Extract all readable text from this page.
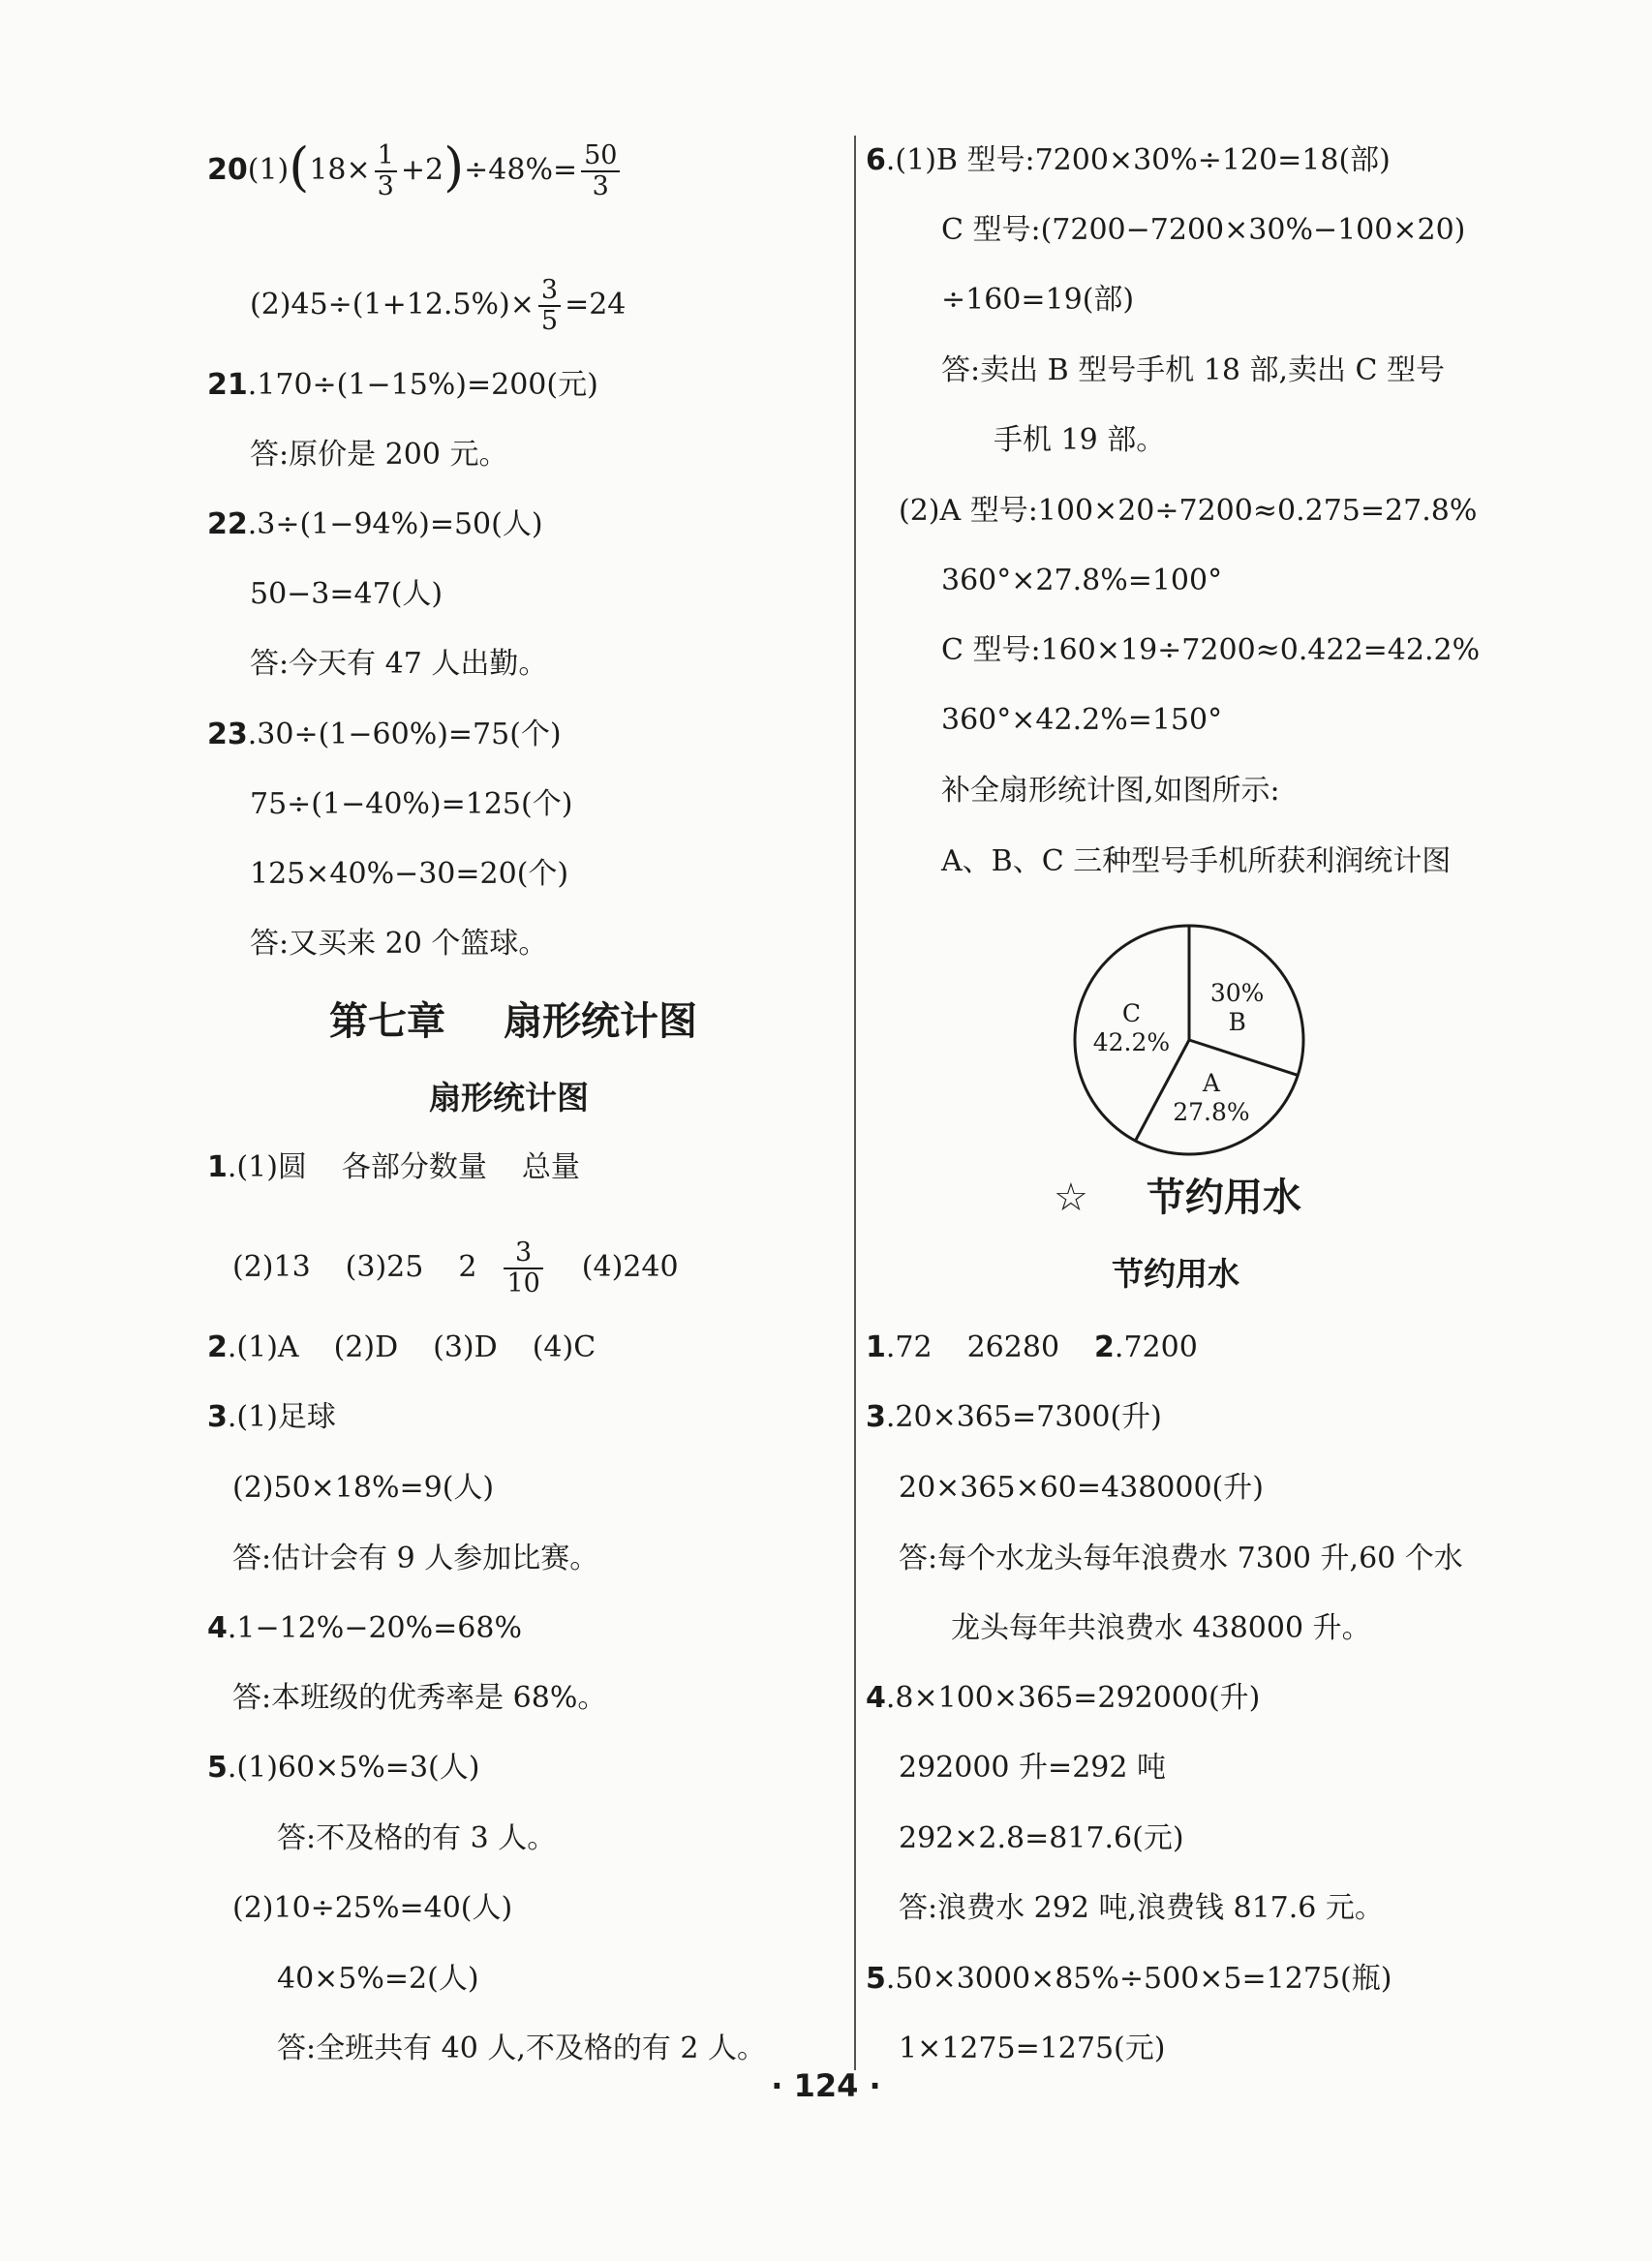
$20(1)(18\times \frac{1}{3} +2)\div 48\%= \frac{50}{3}$
$(2)45\div(1+12.5\%)\times \frac{3}{5} =24$
21.170÷(1−15%)=200(元)
答:原价是 200 元。
22.3÷(1−94%)=50(人)
50−3=47(人)
答:今天有 47 人出勤。
23.30÷(1−60%)=75(个)
75÷(1−40%)=125(个)
125×40%−30=20(个)
答:又买来 20 个篮球。
第七章 扇形统计图
扇形统计图
1.(1)圆 各部分数量 总量
(2)13 (3)25 $2 \frac{3}{10} (4)240$
2.(1)A (2)D (3)D (4)C
3.(1)足球
(2)50×18%=9(人)
答:估计会有 9 人参加比赛。
4.1−12%−20%=68%
答:本班级的优秀率是 68%。
5.(1)60×5%=3(人)
答:不及格的有 3 人。
(2)10÷25%=40(人)
40×5%=2(人)
答:全班共有 40 人,不及格的有 2 人。
6.(1)B 型号:7200×30%÷120=18(部)
C 型号:(7200−7200×30%−100×20)
÷160=19(部)
答:卖出 B 型号手机 18 部,卖出 C 型号
手机 19 部。
(2)A 型号:100×20÷7200≈0.275=27.8%
360°×27.8%=100°
C 型号:160×19÷7200≈0.422=42.2%
360°×42.2%=150°
补全扇形统计图,如图所示:
A、B、C 三种型号手机所获利润统计图
☆ 节约用水
节约用水
1.72 26280 2.7200
3.20×365=7300(升)
20×365×60=438000(升)
答:每个水龙头每年浪费水 7300 升,60 个水
龙头每年共浪费水 438000 升。
4.8×100×365=292000(升)
292000 升=292 吨
292×2.8=817.6(元)
答:浪费水 292 吨,浪费钱 817.6 元。
5.50×3000×85%÷500×5=1275(瓶)
1×1275=1275(元)
30%
B
A
27.8%
C
42.2%
· 124 ·
